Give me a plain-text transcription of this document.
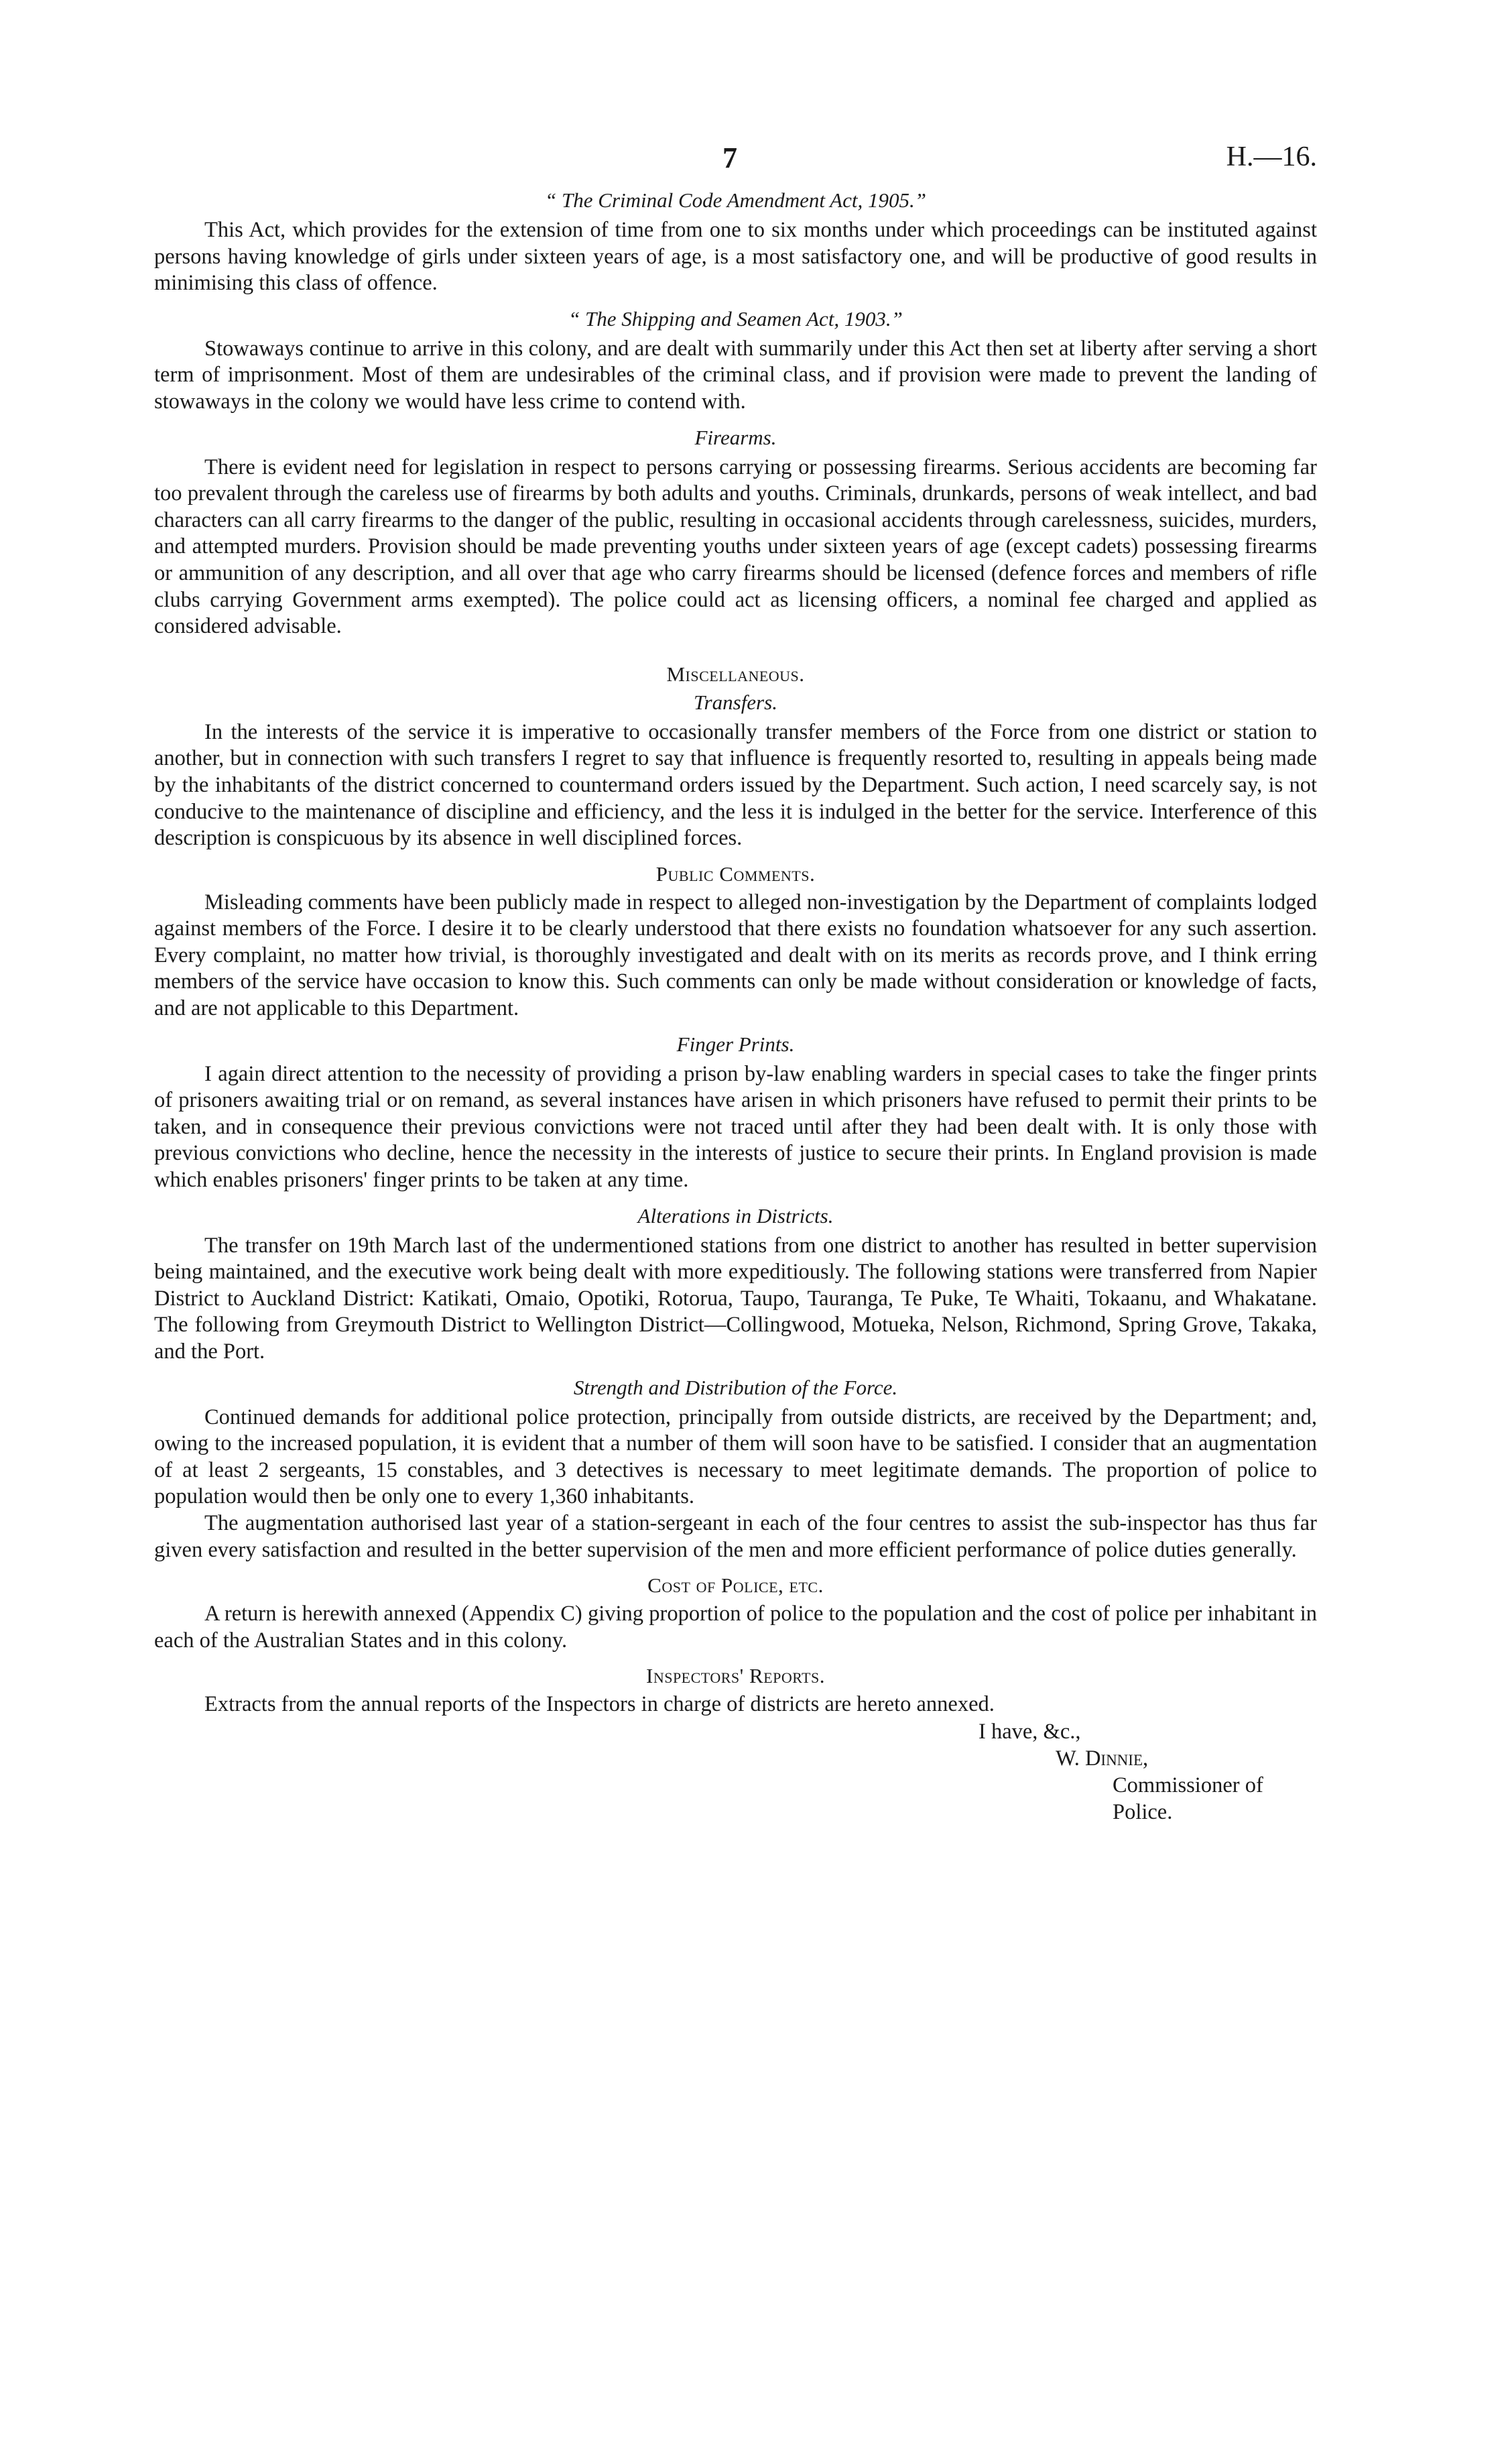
7	H.—16.
“ The Criminal Code Amendment Act, 1905.”

This Act, which provides for the extension of time from one to six months under which proceedings can be instituted against persons having knowledge of girls under sixteen years of age, is a most satisfactory one, and will be productive of good results in minimising this class of offence.

“ The Shipping and Seamen Act, 1903.”

Stowaways continue to arrive in this colony, and are dealt with summarily under this Act then set at liberty after serving a short term of imprisonment. Most of them are undesirables of the criminal class, and if provision were made to prevent the landing of stowaways in the colony we would have less crime to contend with.

Firearms.

There is evident need for legislation in respect to persons carrying or possessing firearms. Serious accidents are becoming far too prevalent through the careless use of firearms by both adults and youths. Criminals, drunkards, persons of weak intellect, and bad characters can all carry firearms to the danger of the public, resulting in occasional accidents through carelessness, suicides, murders, and attempted murders. Provision should be made preventing youths under sixteen years of age (except cadets) possessing firearms or ammunition of any description, and all over that age who carry firearms should be licensed (defence forces and members of rifle clubs carrying Government arms exempted). The police could act as licensing officers, a nominal fee charged and applied as considered advisable.

Miscellaneous.
Transfers.

In the interests of the service it is imperative to occasionally transfer members of the Force from one district or station to another, but in connection with such transfers I regret to say that influence is frequently resorted to, resulting in appeals being made by the inhabitants of the district concerned to countermand orders issued by the Department. Such action, I need scarcely say, is not conducive to the maintenance of discipline and efficiency, and the less it is indulged in the better for the service. Interference of this description is conspicuous by its absence in well disciplined forces.

Public Comments.

Misleading comments have been publicly made in respect to alleged non-investigation by the Department of complaints lodged against members of the Force. I desire it to be clearly understood that there exists no foundation whatsoever for any such assertion. Every complaint, no matter how trivial, is thoroughly investigated and dealt with on its merits as records prove, and I think erring members of the service have occasion to know this. Such comments can only be made without consideration or knowledge of facts, and are not applicable to this Department.

Finger Prints.

I again direct attention to the necessity of providing a prison by-law enabling warders in special cases to take the finger prints of prisoners awaiting trial or on remand, as several instances have arisen in which prisoners have refused to permit their prints to be taken, and in consequence their previous convictions were not traced until after they had been dealt with. It is only those with previous convictions who decline, hence the necessity in the interests of justice to secure their prints. In England provision is made which enables prisoners' finger prints to be taken at any time.

Alterations in Districts.

The transfer on 19th March last of the undermentioned stations from one district to another has resulted in better supervision being maintained, and the executive work being dealt with more expeditiously. The following stations were transferred from Napier District to Auckland District: Katikati, Omaio, Opotiki, Rotorua, Taupo, Tauranga, Te Puke, Te Whaiti, Tokaanu, and Whakatane. The following from Greymouth District to Wellington District—Collingwood, Motueka, Nelson, Richmond, Spring Grove, Takaka, and the Port.

Strength and Distribution of the Force.

Continued demands for additional police protection, principally from outside districts, are received by the Department; and, owing to the increased population, it is evident that a number of them will soon have to be satisfied. I consider that an augmentation of at least 2 sergeants, 15 constables, and 3 detectives is necessary to meet legitimate demands. The proportion of police to population would then be only one to every 1,360 inhabitants.

The augmentation authorised last year of a station-sergeant in each of the four centres to assist the sub-inspector has thus far given every satisfaction and resulted in the better supervision of the men and more efficient performance of police duties generally.

Cost of Police, etc.

A return is herewith annexed (Appendix C) giving proportion of police to the population and the cost of police per inhabitant in each of the Australian States and in this colony.

Inspectors' Reports.

Extracts from the annual reports of the Inspectors in charge of districts are hereto annexed.

I have, &c.,
W. Dinnie,
Commissioner of Police.
